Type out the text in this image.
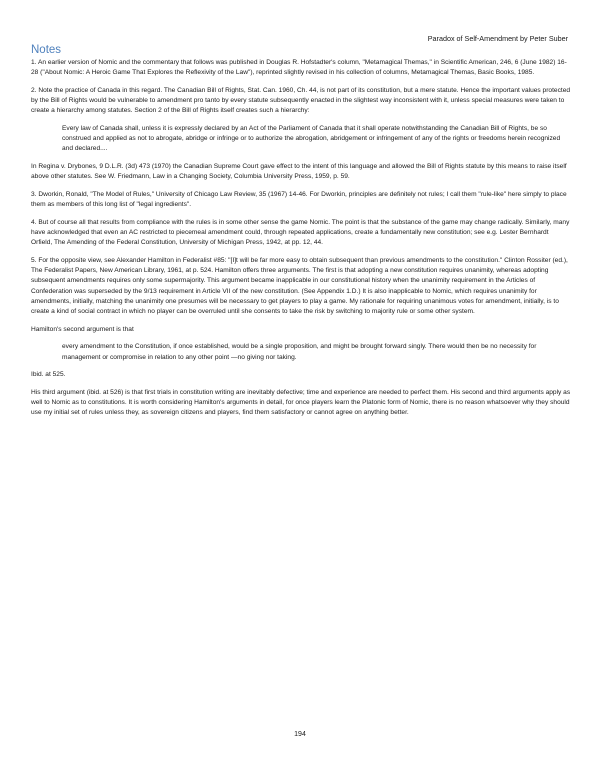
Paradox of Self-Amendment by Peter Suber
Notes

1. An earlier version of Nomic and the commentary that follows was published in Douglas R. Hofstadter's column, "Metamagical Themas," in Scientific American, 246, 6 (June 1982) 16-28 ("About Nomic: A Heroic Game That Explores the Reflexivity of the Law"), reprinted slightly revised in his collection of columns, Metamagical Themas, Basic Books, 1985.

2. Note the practice of Canada in this regard. The Canadian Bill of Rights, Stat. Can. 1960, Ch. 44, is not part of its constitution, but a mere statute. Hence the important values protected by the Bill of Rights would be vulnerable to amendment pro tanto by every statute subsequently enacted in the slightest way inconsistent with it, unless special measures were taken to create a hierarchy among statutes. Section 2 of the Bill of Rights itself creates such a hierarchy:

Every law of Canada shall, unless it is expressly declared by an Act of the Parliament of Canada that it shall operate notwithstanding the Canadian Bill of Rights, be so construed and applied as not to abrogate, abridge or infringe or to authorize the abrogation, abridgement or infringement of any of the rights or freedoms herein recognized and declared....

In Regina v. Drybones, 9 D.L.R. (3d) 473 (1970) the Canadian Supreme Court gave effect to the intent of this language and allowed the Bill of Rights statute by this means to raise itself above other statutes. See W. Friedmann, Law in a Changing Society, Columbia University Press, 1959, p. 59.

3. Dworkin, Ronald, "The Model of Rules," University of Chicago Law Review, 35 (1967) 14-46. For Dworkin, principles are definitely not rules; I call them "rule-like" here simply to place them as members of this long list of "legal ingredients".

4. But of course all that results from compliance with the rules is in some other sense the game Nomic. The point is that the substance of the game may change radically. Similarly, many have acknowledged that even an AC restricted to piecemeal amendment could, through repeated applications, create a fundamentally new constitution; see e.g. Lester Bernhardt Orfield, The Amending of the Federal Constitution, University of Michigan Press, 1942, at pp. 12, 44.

5. For the opposite view, see Alexander Hamilton in Federalist #85: "[I]t will be far more easy to obtain subsequent than previous amendments to the constitution." Clinton Rossiter (ed.), The Federalist Papers, New American Library, 1961, at p. 524. Hamilton offers three arguments. The first is that adopting a new constitution requires unanimity, whereas adopting subsequent amendments requires only some supermajority. This argument became inapplicable in our constitutional history when the unanimity requirement in the Articles of Confederation was superseded by the 9/13 requirement in Article VII of the new constitution. (See Appendix 1.D.) It is also inapplicable to Nomic, which requires unanimity for amendments, initially, matching the unanimity one presumes will be necessary to get players to play a game. My rationale for requiring unanimous votes for amendment, initially, is to create a kind of social contract in which no player can be overruled until she consents to take the risk by switching to majority rule or some other system.

Hamilton's second argument is that

every amendment to the Constitution, if once established, would be a single proposition, and might be brought forward singly. There would then be no necessity for management or compromise in relation to any other point —no giving nor taking.

Ibid. at 525.

His third argument (ibid. at 526) is that first trials in constitution writing are inevitably defective; time and experience are needed to perfect them. His second and third arguments apply as well to Nomic as to constitutions. It is worth considering Hamilton's arguments in detail, for once players learn the Platonic form of Nomic, there is no reason whatsoever why they should use my initial set of rules unless they, as sovereign citizens and players, find them satisfactory or cannot agree on anything better.

194
